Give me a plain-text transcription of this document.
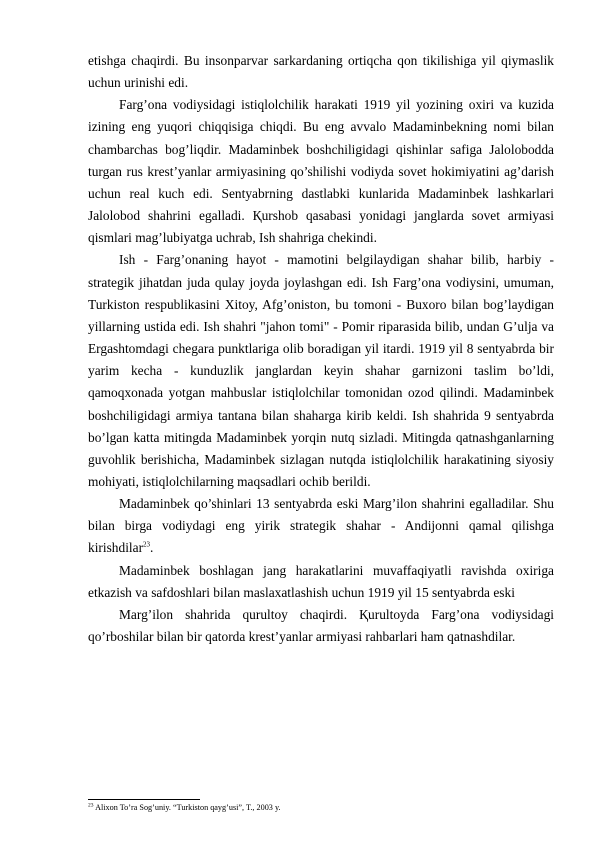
etishga chaqirdi. Bu insonparvar sarkardaning ortiqcha qon tikilishiga yil qiymaslik uchun urinishi edi.

Farg’ona vodiysidagi istiqlolchilik harakati 1919 yil yozining oxiri va kuzida izining eng yuqori chiqqisiga chiqdi. Bu eng avvalo Madaminbekning nomi bilan chambarchas bog’liqdir. Madaminbek boshchiligidagi qishinlar safiga Jalolobodda turgan rus krest’yanlar armiyasining qo’shilishi vodiyda sovet hokimiyatini ag’darish uchun real kuch edi. Sentyabrning dastlabki kunlarida Madaminbek lashkarlari Jalolobod shahrini egalladi. Қurshob qasabasi yonidagi janglarda sovet armiyasi qismlari mag’lubiyatga uchrab, Ish shahriga chekindi.

Ish - Farg’onaning hayot - mamotini belgilaydigan shahar bilib, harbiy - strategik jihatdan juda qulay joyda joylashgan edi. Ish Farg’ona vodiysini, umuman, Turkiston respublikasini Xitoy, Afg’oniston, bu tomoni - Buxoro bilan bog’laydigan yillarning ustida edi. Ish shahri "jahon tomi" - Pomir riparasida bilib, undan G’ulja va Ergashtomdagi chegara punktlariga olib boradigan yil itardi. 1919 yil 8 sentyabrda bir yarim kecha - kunduzlik janglardan keyin shahar garnizoni taslim bo’ldi, qamoqxonada yotgan mahbuslar istiqlolchilar tomonidan ozod qilindi. Madaminbek boshchiligidagi armiya tantana bilan shaharga kirib keldi. Ish shahrida 9 sentyabrda bo’lgan katta mitingda Madaminbek yorqin nutq sizladi. Mitingda qatnashganlarning guvohlik berishicha, Madaminbek sizlagan nutqda istiqlolchilik harakatining siyosiy mohiyati, istiqlolchilarning maqsadlari ochib berildi.

Madaminbek qo’shinlari 13 sentyabrda eski Marg’ilon shahrini egalladilar. Shu bilan birga vodiydagi eng yirik strategik shahar - Andijonni qamal qilishga kirishdilar$^{23}$.

Madaminbek boshlagan jang harakatlarini muvaffaqiyatli ravishda oxiriga etkazish va safdoshlari bilan maslaxatlashish uchun 1919 yil 15 sentyabrda eski

Marg’ilon shahrida qurultoy chaqirdi. Қurultoyda Farg’ona vodiysidagi qo’rboshilar bilan bir qatorda krest’yanlar armiyasi rahbarlari ham qatnashdilar.

$^{23}$ Alixon To’ra Sog’uniy. “Turkiston qayg’usi”, T., 2003 y.
